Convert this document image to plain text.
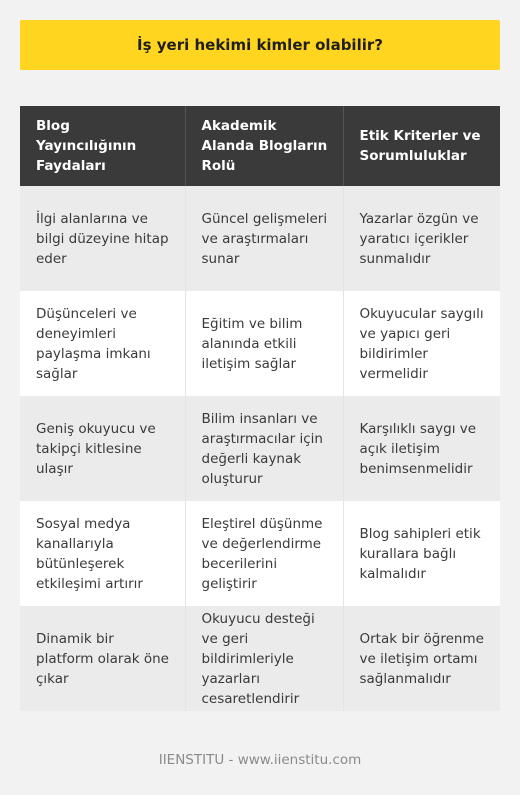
İş yeri hekimi kimler olabilir?
Blog Yayıncılığının Faydaları	Akademik Alanda Blogların Rolü	Etik Kriterler ve Sorumluluklar
İlgi alanlarına ve bilgi düzeyine hitap eder	Güncel gelişmeleri ve araştırmaları sunar	Yazarlar özgün ve yaratıcı içerikler sunmalıdır
Düşünceleri ve deneyimleri paylaşma imkanı sağlar	Eğitim ve bilim alanında etkili iletişim sağlar	Okuyucular saygılı ve yapıcı geri bildirimler vermelidir
Geniş okuyucu ve takipçi kitlesine ulaşır	Bilim insanları ve araştırmacılar için değerli kaynak oluşturur	Karşılıklı saygı ve açık iletişim benimsenmelidir
Sosyal medya kanallarıyla bütünleşerek etkileşimi artırır	Eleştirel düşünme ve değerlendirme becerilerini geliştirir	Blog sahipleri etik kurallara bağlı kalmalıdır
Dinamik bir platform olarak öne çıkar	Okuyucu desteği ve geri bildirimleriyle yazarları cesaretlendirir	Ortak bir öğrenme ve iletişim ortamı sağlanmalıdır
IIENSTITU - www.iienstitu.com
